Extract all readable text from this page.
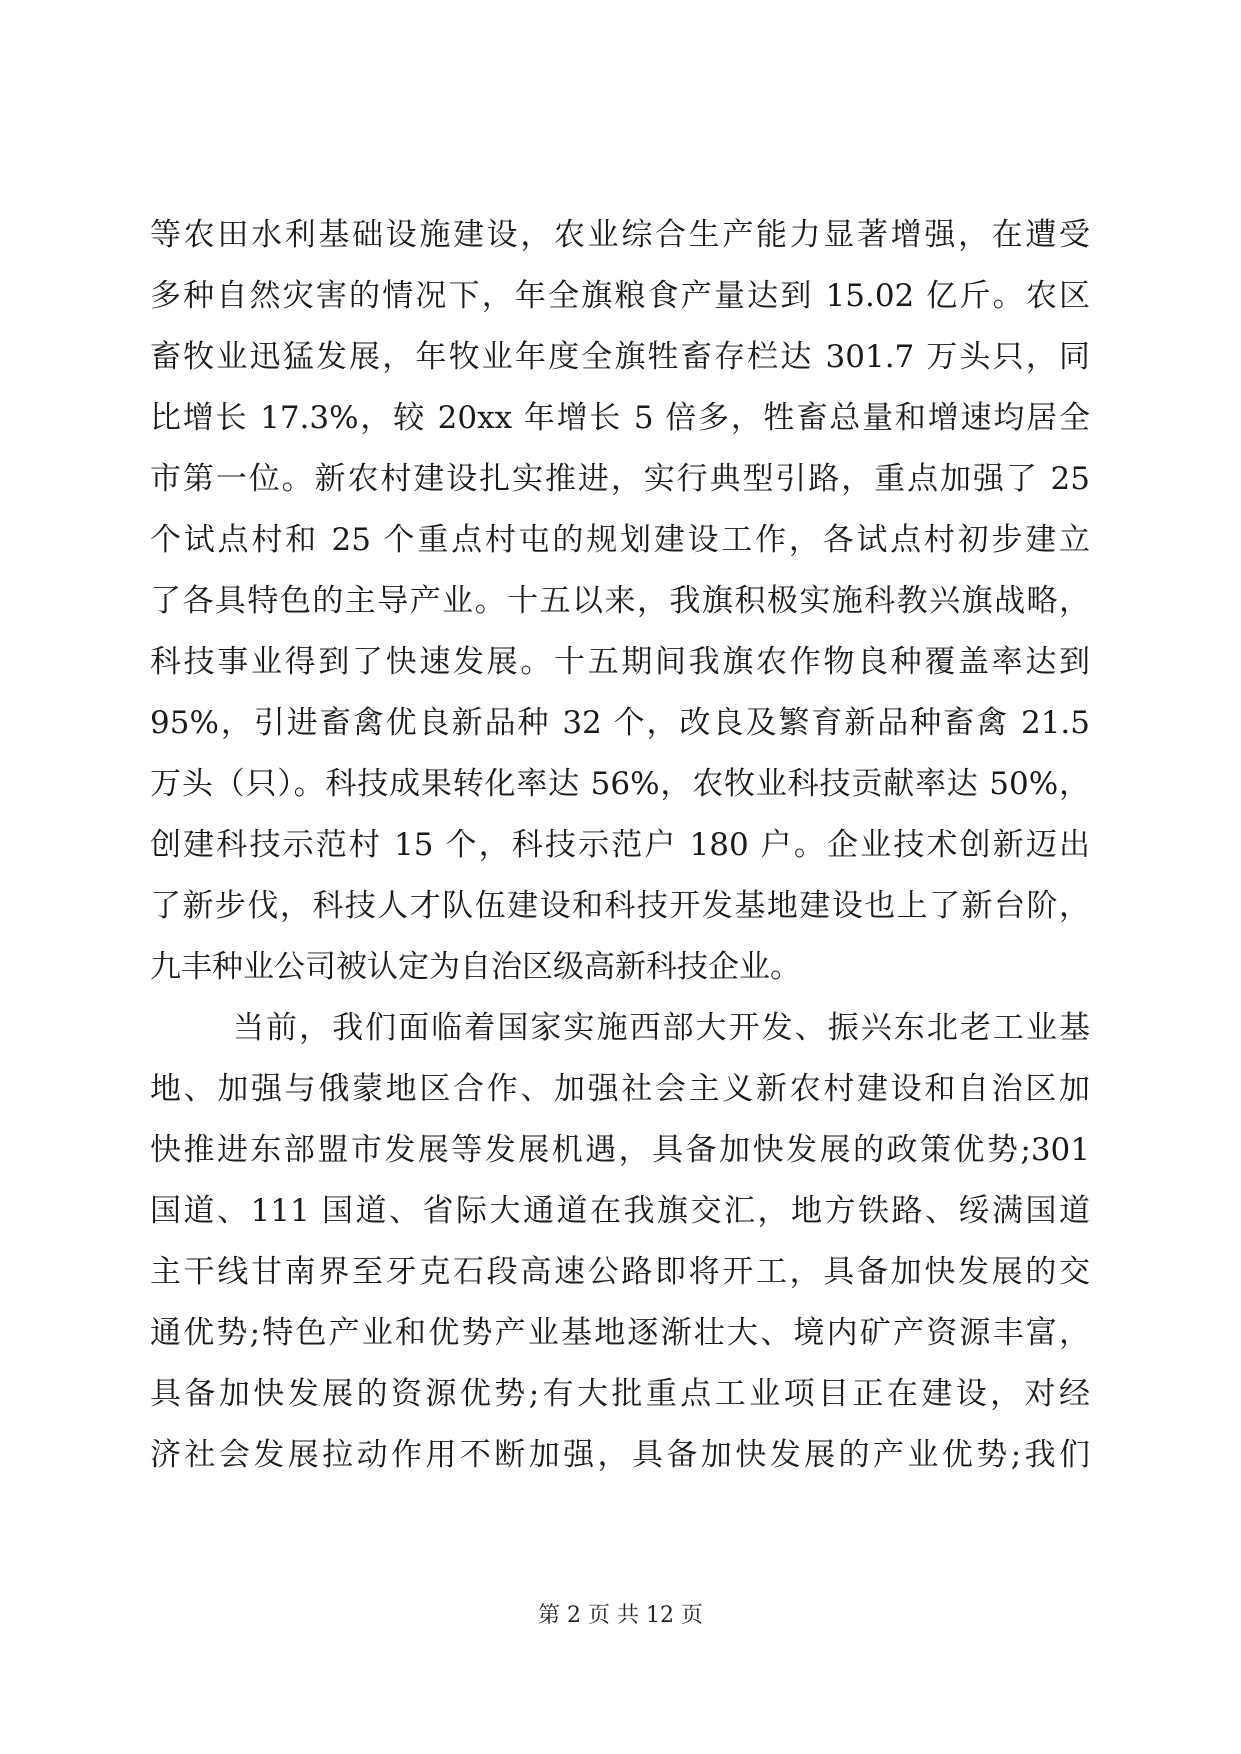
等农田水利基础设施建设，农业综合生产能力显著增强，在遭受
多种自然灾害的情况下，年全旗粮食产量达到 15.02 亿斤。农区
畜牧业迅猛发展，年牧业年度全旗牲畜存栏达 301.7 万头只，同
比增长 17.3%，较 20xx 年增长 5 倍多，牲畜总量和增速均居全
市第一位。新农村建设扎实推进，实行典型引路，重点加强了 25
个试点村和 25 个重点村屯的规划建设工作，各试点村初步建立
了各具特色的主导产业。十五以来，我旗积极实施科教兴旗战略，
科技事业得到了快速发展。十五期间我旗农作物良种覆盖率达到
95%，引进畜禽优良新品种 32 个，改良及繁育新品种畜禽 21.5
万头（只）。科技成果转化率达 56%，农牧业科技贡献率达 50%，
创建科技示范村 15 个，科技示范户 180 户。企业技术创新迈出
了新步伐，科技人才队伍建设和科技开发基地建设也上了新台阶，
九丰种业公司被认定为自治区级高新科技企业。
当前，我们面临着国家实施西部大开发、振兴东北老工业基
地、加强与俄蒙地区合作、加强社会主义新农村建设和自治区加
快推进东部盟市发展等发展机遇，具备加快发展的政策优势;301
国道、111 国道、省际大通道在我旗交汇，地方铁路、绥满国道
主干线甘南界至牙克石段高速公路即将开工，具备加快发展的交
通优势;特色产业和优势产业基地逐渐壮大、境内矿产资源丰富，
具备加快发展的资源优势;有大批重点工业项目正在建设，对经
济社会发展拉动作用不断加强，具备加快发展的产业优势;我们
第 2 页 共 12 页
